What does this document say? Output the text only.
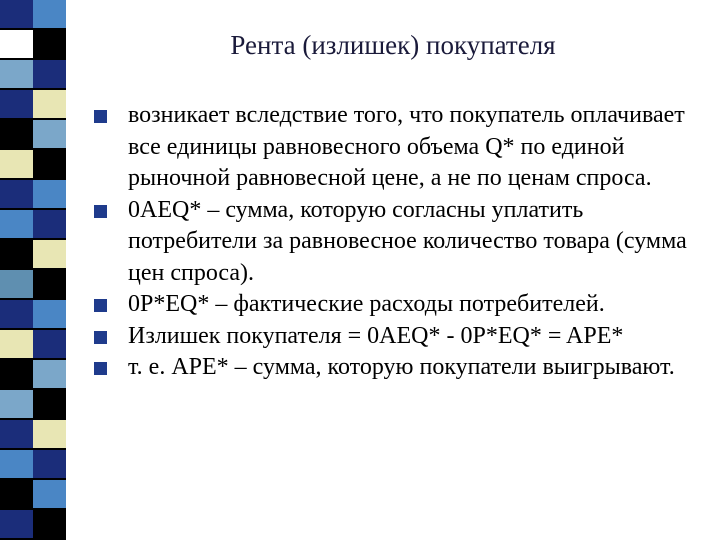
Рента (излишек) покупателя
возникает вследствие того, что покупатель оплачивает все единицы равновесного объема Q* по единой рыночной равновесной цене, а не по ценам спроса.
0AEQ* – сумма, которую согласны уплатить потребители за равновесное количество товара (сумма цен спроса).
0P*EQ* – фактические расходы потребителей.
Излишек покупателя = 0AEQ* - 0P*EQ* = APE*
т. е. APE* – сумма, которую покупатели выигрывают.
